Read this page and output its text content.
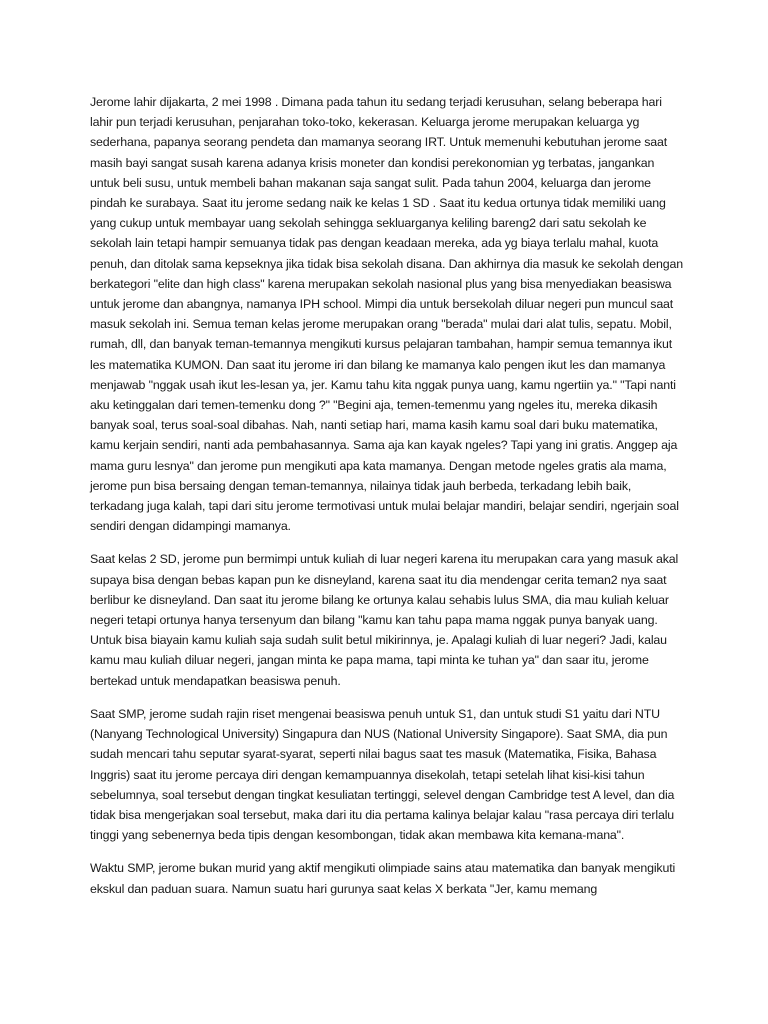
Jerome lahir dijakarta, 2 mei 1998 . Dimana pada tahun itu sedang terjadi kerusuhan, selang beberapa hari lahir pun terjadi kerusuhan, penjarahan toko-toko, kekerasan. Keluarga jerome merupakan keluarga yg sederhana, papanya seorang pendeta dan mamanya seorang IRT. Untuk memenuhi kebutuhan jerome saat masih bayi sangat susah karena adanya krisis moneter dan kondisi perekonomian yg terbatas, jangankan untuk beli susu, untuk membeli bahan makanan saja sangat sulit. Pada tahun 2004, keluarga dan jerome pindah ke surabaya. Saat itu jerome sedang naik ke kelas 1 SD . Saat itu kedua ortunya tidak memiliki uang yang cukup untuk membayar uang sekolah sehingga sekluarganya keliling bareng2 dari satu sekolah ke sekolah lain tetapi hampir semuanya tidak pas dengan keadaan mereka, ada yg biaya terlalu mahal, kuota penuh, dan ditolak sama kepseknya jika tidak bisa sekolah disana. Dan akhirnya dia masuk ke sekolah dengan berkategori "elite dan high class" karena merupakan sekolah nasional plus yang bisa menyediakan beasiswa untuk jerome dan abangnya, namanya IPH school. Mimpi dia untuk bersekolah diluar negeri pun muncul saat masuk sekolah ini. Semua teman kelas jerome merupakan orang "berada" mulai dari alat tulis, sepatu. Mobil, rumah, dll, dan banyak teman-temannya mengikuti kursus pelajaran tambahan, hampir semua temannya ikut les matematika KUMON. Dan saat itu jerome iri dan bilang ke mamanya kalo pengen ikut les dan mamanya menjawab "nggak usah ikut les-lesan ya, jer. Kamu tahu kita nggak punya uang, kamu ngertiin ya." "Tapi nanti aku ketinggalan dari temen-temenku dong ?" "Begini aja, temen-temenmu yang ngeles itu, mereka dikasih banyak soal, terus soal-soal dibahas. Nah, nanti setiap hari, mama kasih kamu soal dari buku matematika, kamu kerjain sendiri, nanti ada pembahasannya. Sama aja kan kayak ngeles? Tapi yang ini gratis. Anggep aja mama guru lesnya" dan jerome pun mengikuti apa kata mamanya. Dengan metode ngeles gratis ala mama, jerome pun bisa bersaing dengan teman-temannya, nilainya tidak jauh berbeda, terkadang lebih baik, terkadang juga kalah, tapi dari situ jerome termotivasi untuk mulai belajar mandiri, belajar sendiri, ngerjain soal sendiri dengan didampingi mamanya.

Saat kelas 2 SD, jerome pun bermimpi untuk kuliah di luar negeri karena itu merupakan cara yang masuk akal supaya bisa dengan bebas kapan pun ke disneyland, karena saat itu dia mendengar cerita teman2 nya saat berlibur ke disneyland. Dan saat itu jerome bilang ke ortunya kalau sehabis lulus SMA, dia mau kuliah keluar negeri tetapi ortunya hanya tersenyum dan bilang "kamu kan tahu papa mama nggak punya banyak uang. Untuk bisa biayain kamu kuliah saja sudah sulit betul mikirinnya, je. Apalagi kuliah di luar negeri? Jadi, kalau kamu mau kuliah diluar negeri, jangan minta ke papa mama, tapi minta ke tuhan ya" dan saar itu, jerome bertekad untuk mendapatkan beasiswa penuh.

Saat SMP, jerome sudah rajin riset mengenai beasiswa penuh untuk S1, dan untuk studi S1 yaitu dari NTU (Nanyang Technological University) Singapura dan NUS (National University Singapore). Saat SMA, dia pun sudah mencari tahu seputar syarat-syarat, seperti nilai bagus saat tes masuk (Matematika, Fisika, Bahasa Inggris) saat itu jerome percaya diri dengan kemampuannya disekolah, tetapi setelah lihat kisi-kisi tahun sebelumnya, soal tersebut dengan tingkat kesuliatan tertinggi, selevel dengan Cambridge test A level, dan dia tidak bisa mengerjakan soal tersebut, maka dari itu dia pertama kalinya belajar kalau "rasa percaya diri terlalu tinggi yang sebenernya beda tipis dengan kesombongan, tidak akan membawa kita kemana-mana".

Waktu SMP, jerome bukan murid yang aktif mengikuti olimpiade sains atau matematika dan banyak mengikuti ekskul dan paduan suara. Namun suatu hari gurunya saat kelas X berkata "Jer, kamu memang
